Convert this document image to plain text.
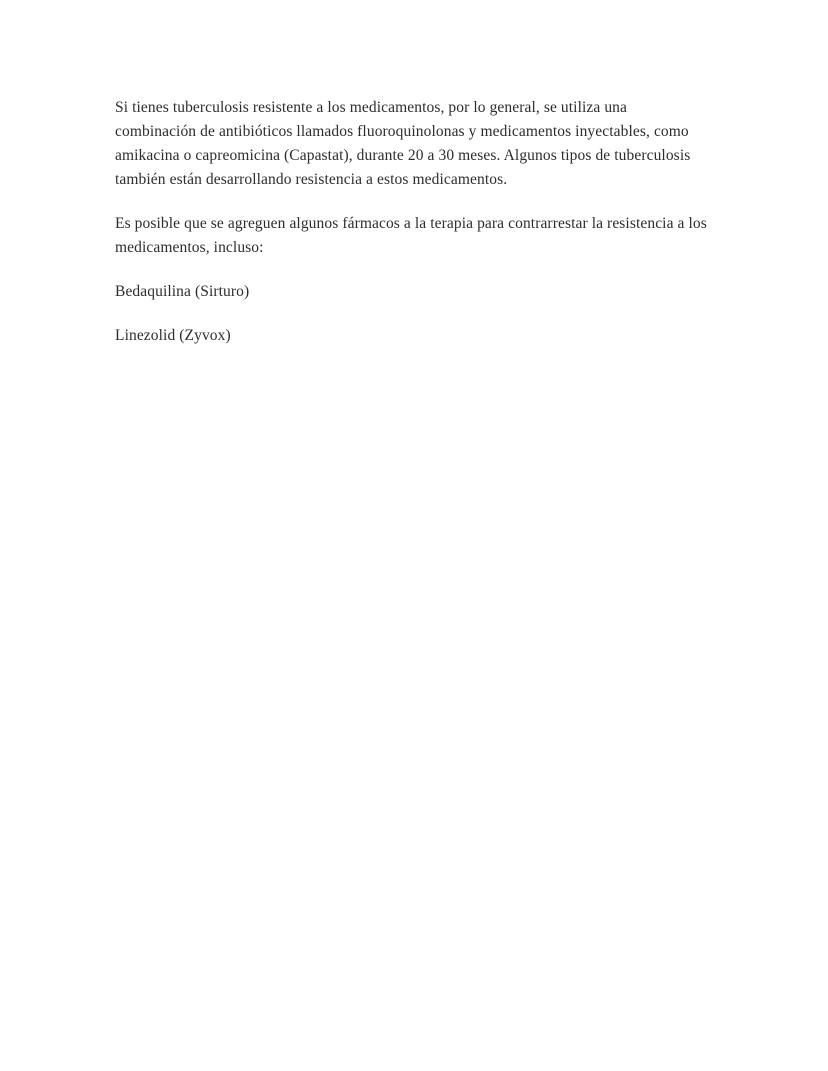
Si tienes tuberculosis resistente a los medicamentos, por lo general, se utiliza una combinación de antibióticos llamados fluoroquinolonas y medicamentos inyectables, como amikacina o capreomicina (Capastat), durante 20 a 30 meses. Algunos tipos de tuberculosis también están desarrollando resistencia a estos medicamentos.

Es posible que se agreguen algunos fármacos a la terapia para contrarrestar la resistencia a los medicamentos, incluso:

Bedaquilina (Sirturo)

Linezolid (Zyvox)
